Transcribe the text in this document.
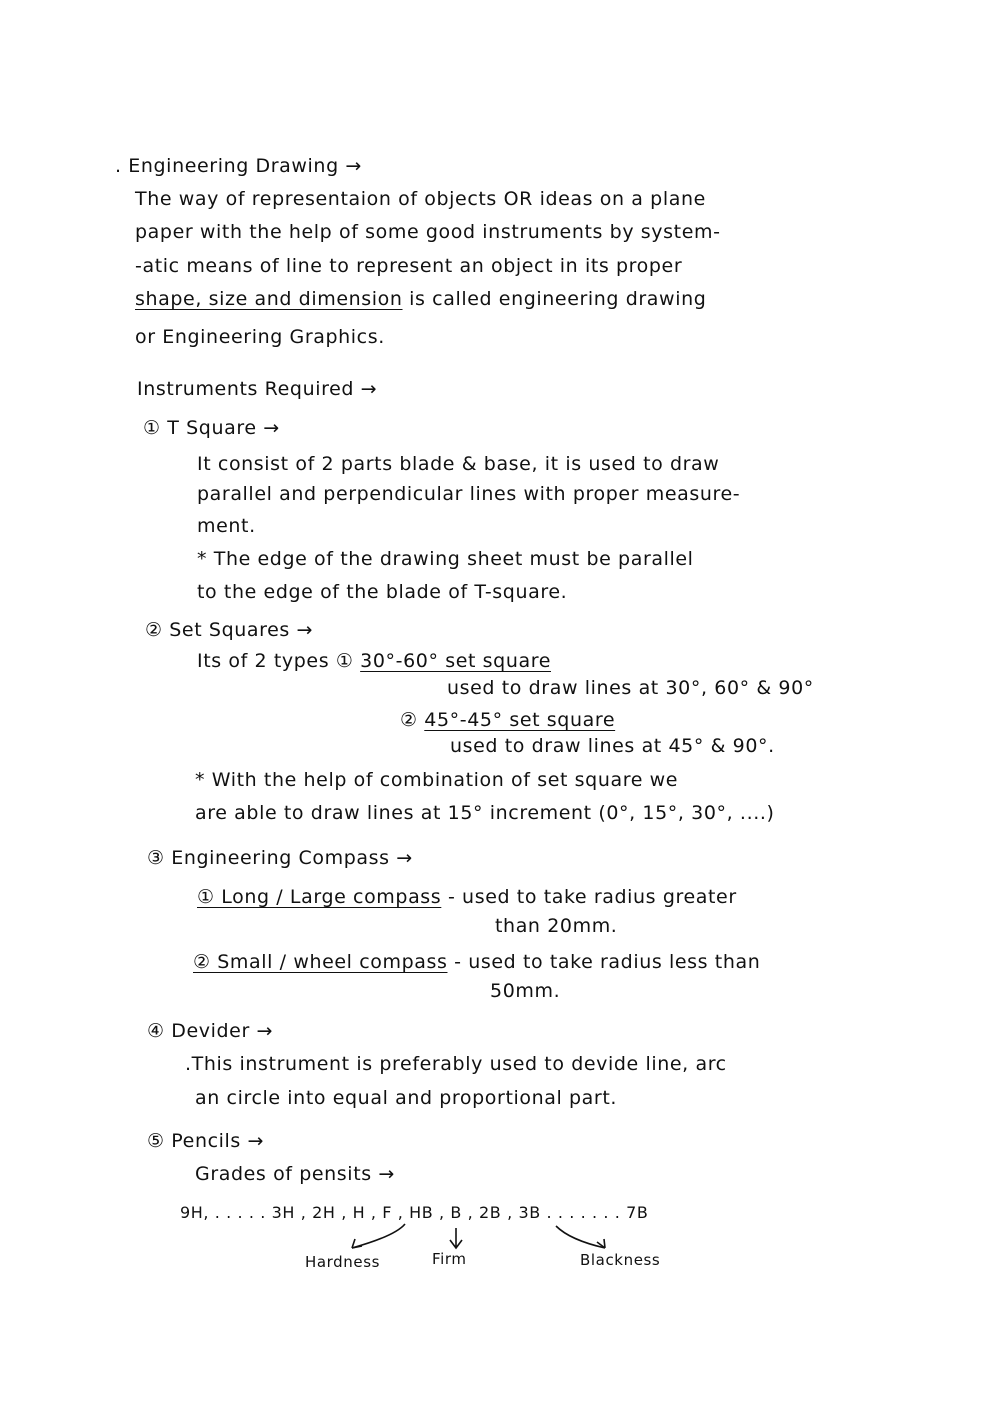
. Engineering Drawing →
The way of representaion of objects OR ideas on a plane
paper with the help of some good instruments by system-
-atic means of line to represent an object in its proper
shape, size and dimension is called engineering drawing
or Engineering Graphics.
Instruments Required →
① T Square →
It consist of 2 parts blade & base, it is used to draw
parallel and perpendicular lines with proper measure-
ment.
* The edge of the drawing sheet must be parallel
to the edge of the blade of T-square.
② Set Squares →
Its of 2 types ① 30°-60° set square
used to draw lines at 30°, 60° & 90°
② 45°-45° set square
used to draw lines at 45° & 90°.
* With the help of combination of set square we
are able to draw lines at 15° increment (0°, 15°, 30°, ....)
③ Engineering Compass →
① Long / Large compass - used to take radius greater
than 20mm.
② Small / wheel compass - used to take radius less than
50mm.
④ Devider →
.This instrument is preferably used to devide line, arc
an circle into equal and proportional part.
⑤ Pencils →
Grades of pensits →
9H, . . . . . 3H , 2H , H , F , HB , B , 2B , 3B . . . . . . . 7B
Hardness	Firm	Blackness
